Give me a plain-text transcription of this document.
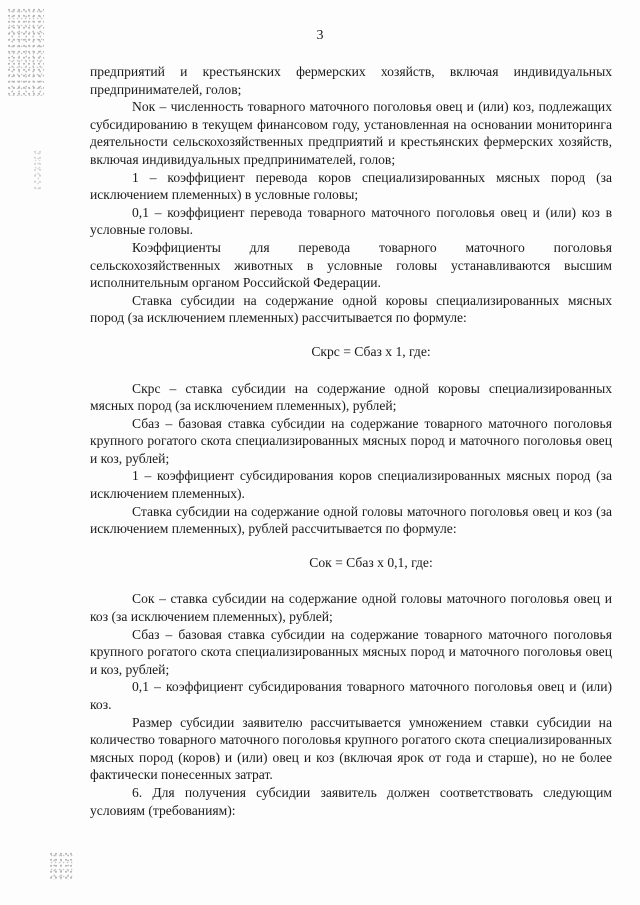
3

предприятий и крестьянских фермерских хозяйств, включая индивидуальных предпринимателей, голов;

Nок – численность товарного маточного поголовья овец и (или) коз, подлежащих субсидированию в текущем финансовом году, установленная на основании мониторинга деятельности сельскохозяйственных предприятий и крестьянских фермерских хозяйств, включая индивидуальных предпринимателей, голов;

1 – коэффициент перевода коров специализированных мясных пород (за исключением племенных) в условные головы;

0,1 – коэффициент перевода товарного маточного поголовья овец и (или) коз в условные головы.

Коэффициенты для перевода товарного маточного поголовья сельскохозяйственных животных в условные головы устанавливаются высшим исполнительным органом Российской Федерации.

Ставка субсидии на содержание одной коровы специализированных мясных пород (за исключением племенных) рассчитывается по формуле:

Скрс = Сбаз x 1, где:

Скрс – ставка субсидии на содержание одной коровы специализированных мясных пород (за исключением племенных), рублей;

Сбаз – базовая ставка субсидии на содержание товарного маточного поголовья крупного рогатого скота специализированных мясных пород и маточного поголовья овец и коз, рублей;

1 – коэффициент субсидирования коров специализированных мясных пород (за исключением племенных).

Ставка субсидии на содержание одной головы маточного поголовья овец и коз (за исключением племенных), рублей рассчитывается по формуле:

Сок = Сбаз x 0,1, где:

Сок – ставка субсидии на содержание одной головы маточного поголовья овец и коз (за исключением племенных), рублей;

Сбаз – базовая ставка субсидии на содержание товарного маточного поголовья крупного рогатого скота специализированных мясных пород и маточного поголовья овец и коз, рублей;

0,1 – коэффициент субсидирования товарного маточного поголовья овец и (или) коз.

Размер субсидии заявителю рассчитывается умножением ставки субсидии на количество товарного маточного поголовья крупного рогатого скота специализированных мясных пород (коров) и (или) овец и коз (включая ярок от года и старше), но не более фактически понесенных затрат.

6. Для получения субсидии заявитель должен соответствовать следующим условиям (требованиям):
